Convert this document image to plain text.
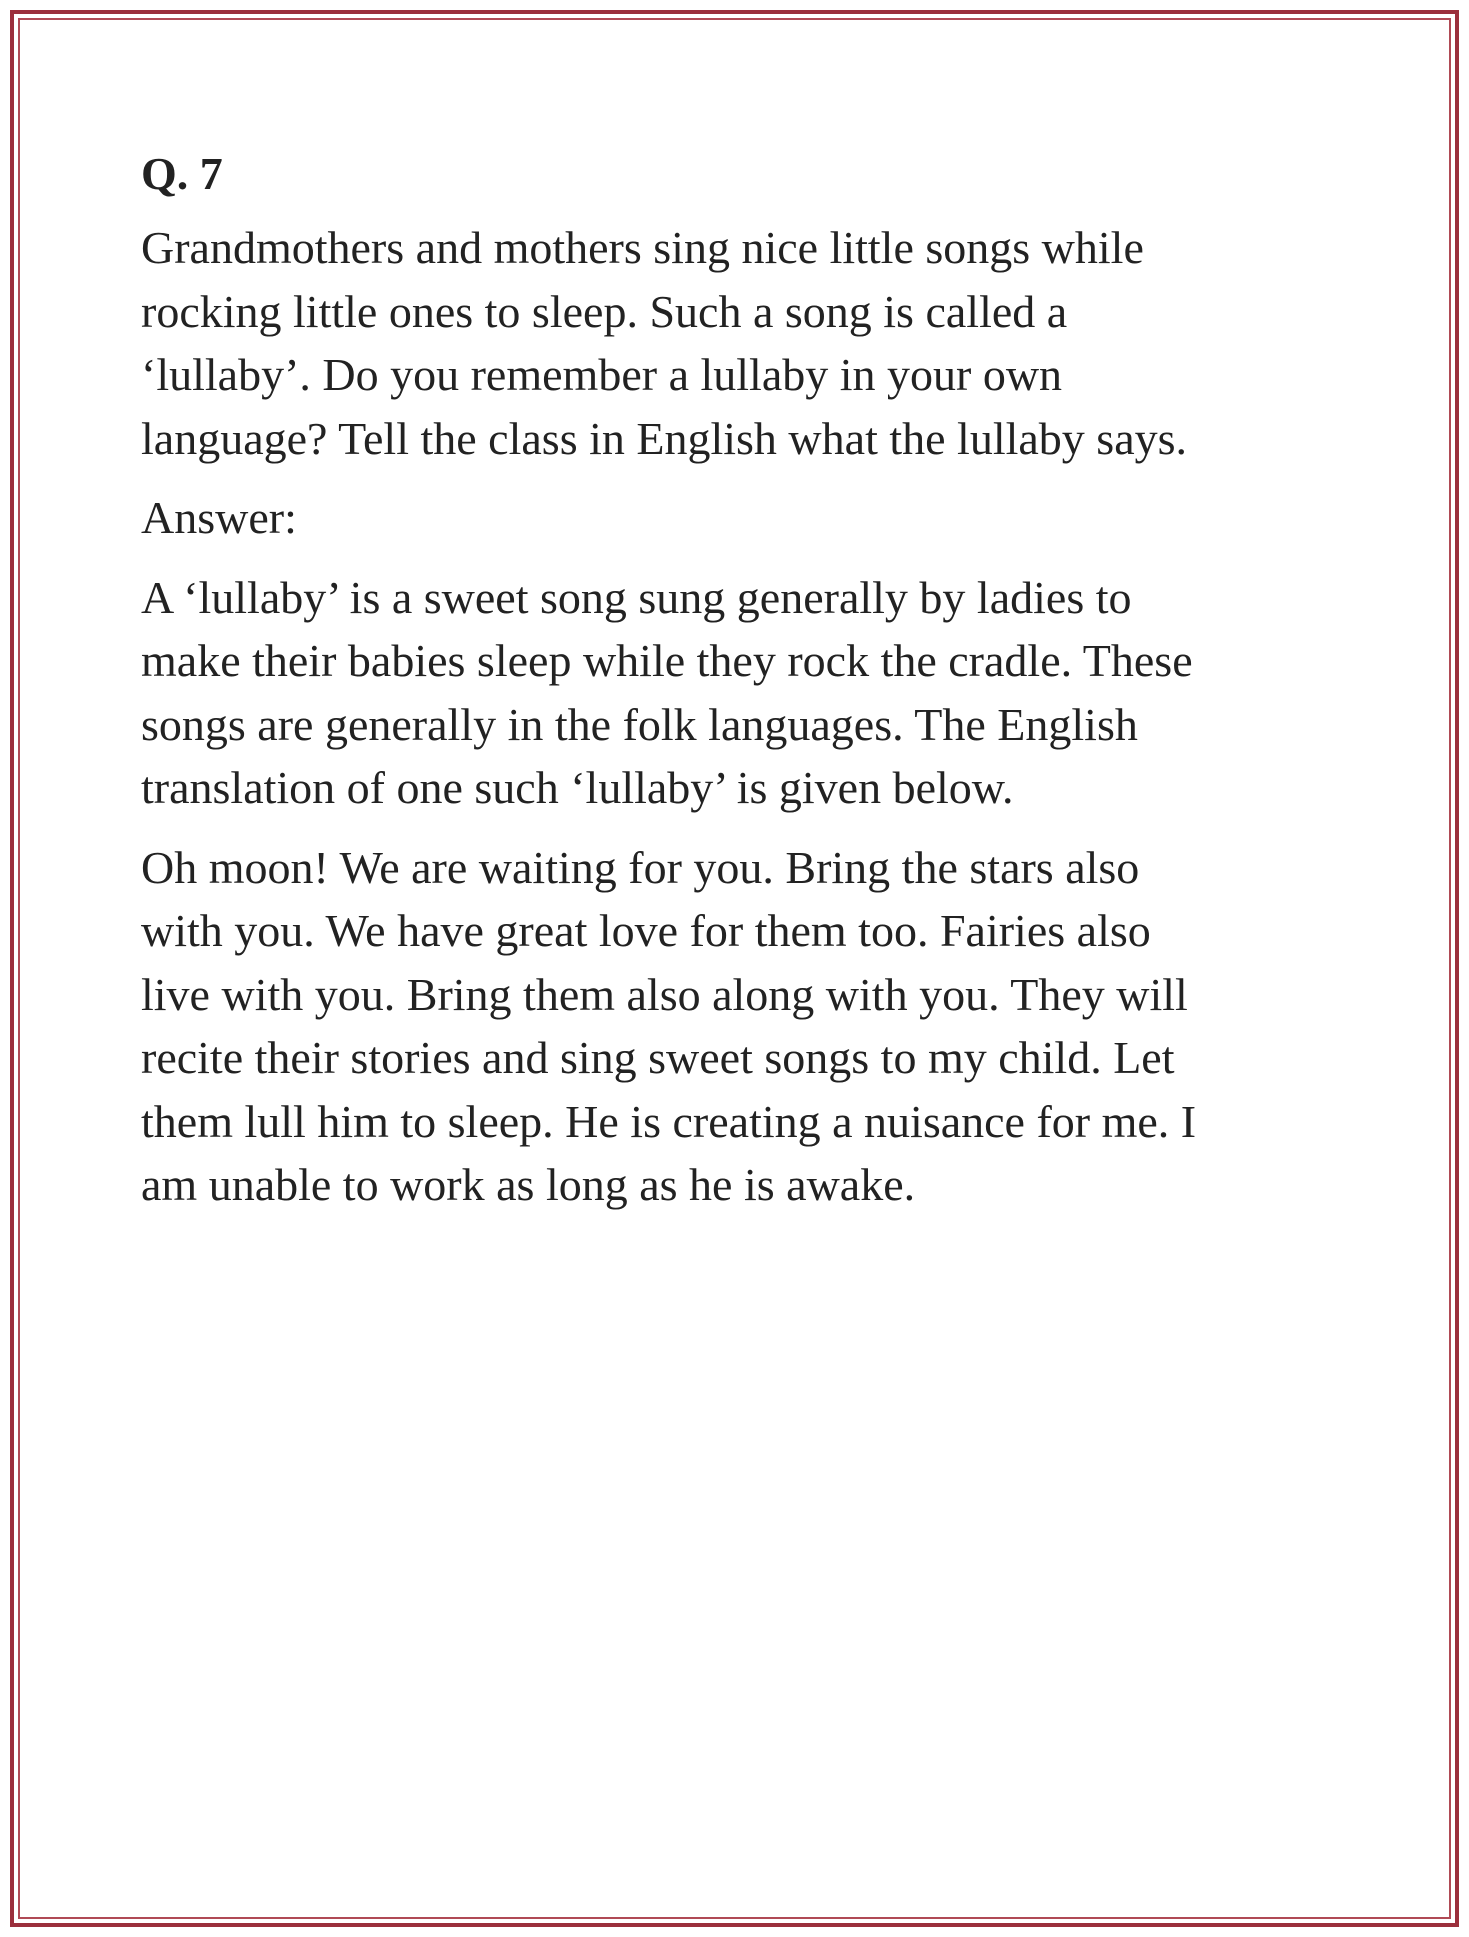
Q. 7
Grandmothers and mothers sing nice little songs while
rocking little ones to sleep. Such a song is called a
‘lullaby’. Do you remember a lullaby in your own
language? Tell the class in English what the lullaby says.
Answer:
A ‘lullaby’ is a sweet song sung generally by ladies to
make their babies sleep while they rock the cradle. These
songs are generally in the folk languages. The English
translation of one such ‘lullaby’ is given below.
Oh moon! We are waiting for you. Bring the stars also
with you. We have great love for them too. Fairies also
live with you. Bring them also along with you. They will
recite their stories and sing sweet songs to my child. Let
them lull him to sleep. He is creating a nuisance for me. I
am unable to work as long as he is awake.
